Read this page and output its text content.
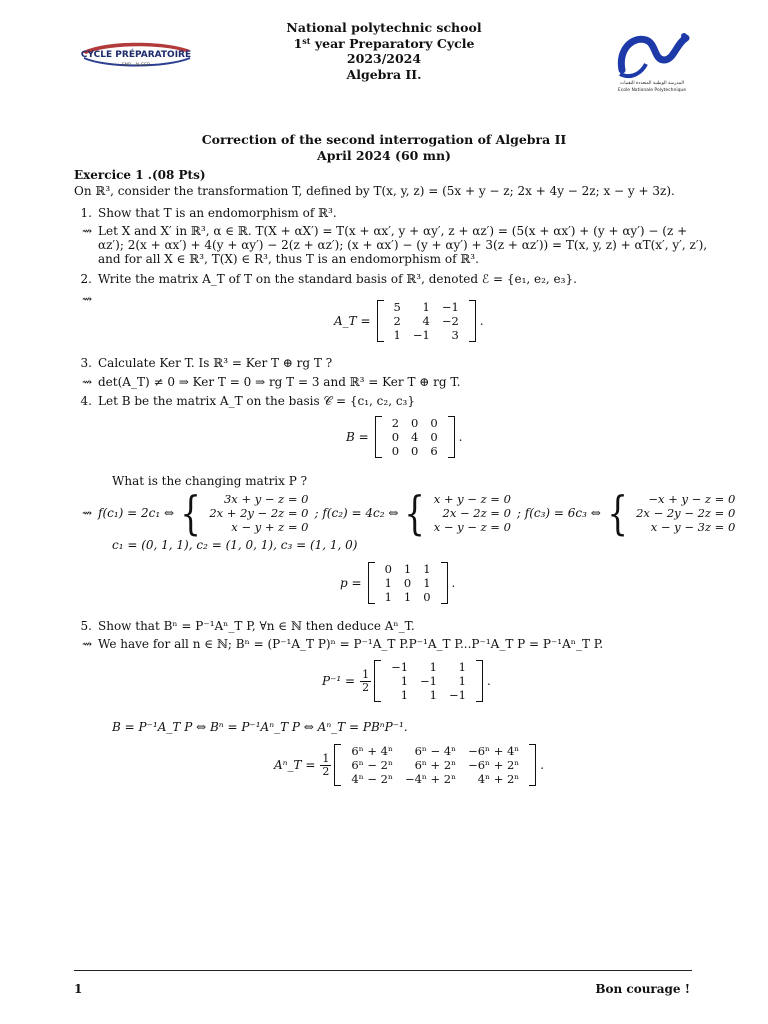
CYCLE PRÉPARATOIRE
ENP · ALGER
National polytechnic school
1st year Preparatory Cycle
2023/2024
Algebra II.
المدرسة الوطنية المتعددة التقنيات
Ecole Nationale Polytechnique
Correction of the second interrogation of Algebra II
April 2024 (60 mn)
Exercice 1 .(08 Pts)
On ℝ³, consider the transformation T, defined by T(x, y, z) = (5x + y − z; 2x + 4y − 2z; x − y + 3z).
1. Show that T is an endomorphism of ℝ³.
⇝ Let X and X′ in ℝ³, α ∈ ℝ. T(X + αX′) = T(x + αx′, y + αy′, z + αz′) = (5(x + αx′) + (y + αy′) − (z +
αz′); 2(x + αx′) + 4(y + αy′) − 2(z + αz′); (x + αx′) − (y + αy′) + 3(z + αz′)) = T(x, y, z) + αT(x′, y′, z′),
and for all X ∈ ℝ³, T(X) ∈ R³, thus T is an endomorphism of ℝ³.
2. Write the matrix A_T of T on the standard basis of ℝ³, denoted ℰ = {e₁, e₂, e₃}.
⇝
A_T =
5	1	−1
2	4	−2
1	−1	3
.
3. Calculate Ker T. Is ℝ³ = Ker T ⊕ rg T ?
⇝ det(A_T) ≠ 0 ⇒ Ker T = 0 ⇒ rg T = 3 and ℝ³ = Ker T ⊕ rg T.
4. Let B be the matrix A_T on the basis 𝒞 = {c₁, c₂, c₃}
B =
2	0	0
0	4	0
0	0	6
.
What is the changing matrix P ?
⇝ f(c₁) = 2c₁ ⇔ { 3x + y − z = 0
2x + 2y − 2z = 0
x − y + z = 0
; f(c₂) = 4c₂ ⇔ { x + y − z = 0
2x − 2z = 0
x − y − z = 0
; f(c₃) = 6c₃ ⇔ { −x + y − z = 0
2x − 2y − 2z = 0
x − y − 3z = 0
c₁ = (0, 1, 1), c₂ = (1, 0, 1), c₃ = (1, 1, 0)
p =
0	1	1
1	0	1
1	1	0
.
5. Show that Bⁿ = P⁻¹Aⁿ_T P, ∀n ∈ ℕ then deduce Aⁿ_T.
⇝ We have for all n ∈ ℕ; Bⁿ = (P⁻¹A_T P)ⁿ = P⁻¹A_T P.P⁻¹A_T P...P⁻¹A_T P = P⁻¹Aⁿ_T P.
$P^{-1} = \frac{1}{2}$
−1	1	1
1	−1	1
1	1	−1
.
B = P⁻¹A_T P ⇔ Bⁿ = P⁻¹Aⁿ_T P ⇔ Aⁿ_T = PBⁿP⁻¹.
Aⁿ_T = $\frac{1}{2}$
6ⁿ + 4ⁿ	6ⁿ − 4ⁿ	−6ⁿ + 4ⁿ
6ⁿ − 2ⁿ	6ⁿ + 2ⁿ	−6ⁿ + 2ⁿ
4ⁿ − 2ⁿ	−4ⁿ + 2ⁿ	4ⁿ + 2ⁿ
.
1	Bon courage !
